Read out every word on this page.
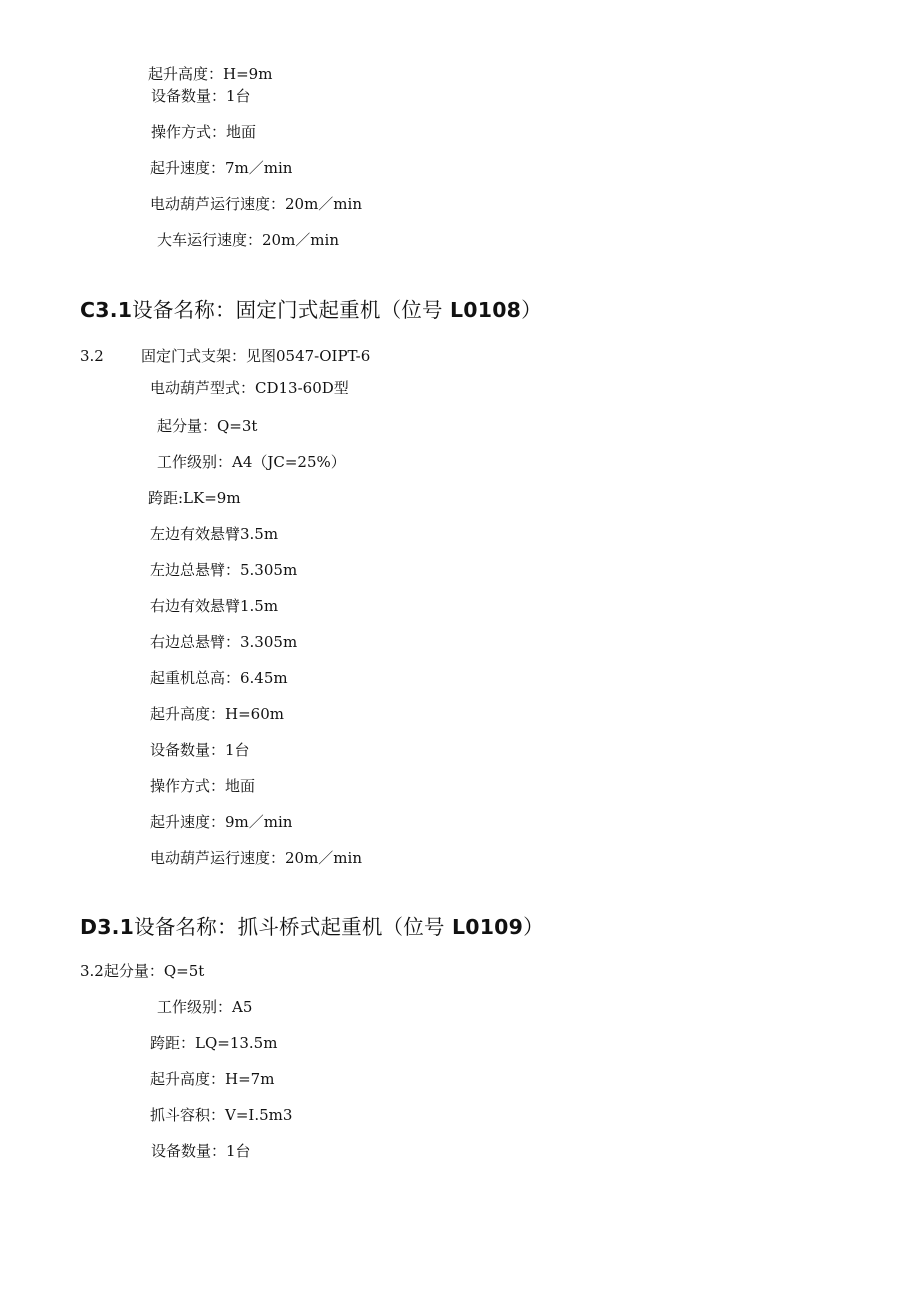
起升高度：H=9m
设备数量：1台
操作方式：地面
起升速度：7m／min
电动葫芦运行速度：20m／min
大车运行速度：20m／min
C3.1设备名称：固定门式起重机（位号 L0108）
3.2 固定门式支架：见图0547-OIPT-6
电动葫芦型式：CD13-60D型
起分量：Q=3t
工作级别：A4（JC=25%）
跨距:LK=9m
左边有效悬臂3.5m
左边总悬臂：5.305m
右边有效悬臂1.5m
右边总悬臂：3.305m
起重机总高：6.45m
起升高度：H=60m
设备数量：1台
操作方式：地面
起升速度：9m／min
电动葫芦运行速度：20m／min
D3.1设备名称：抓斗桥式起重机（位号 L0109）
3.2起分量：Q=5t
工作级别：A5
跨距：LQ=13.5m
起升高度：H=7m
抓斗容积：V=I.5m3
设备数量：1台
